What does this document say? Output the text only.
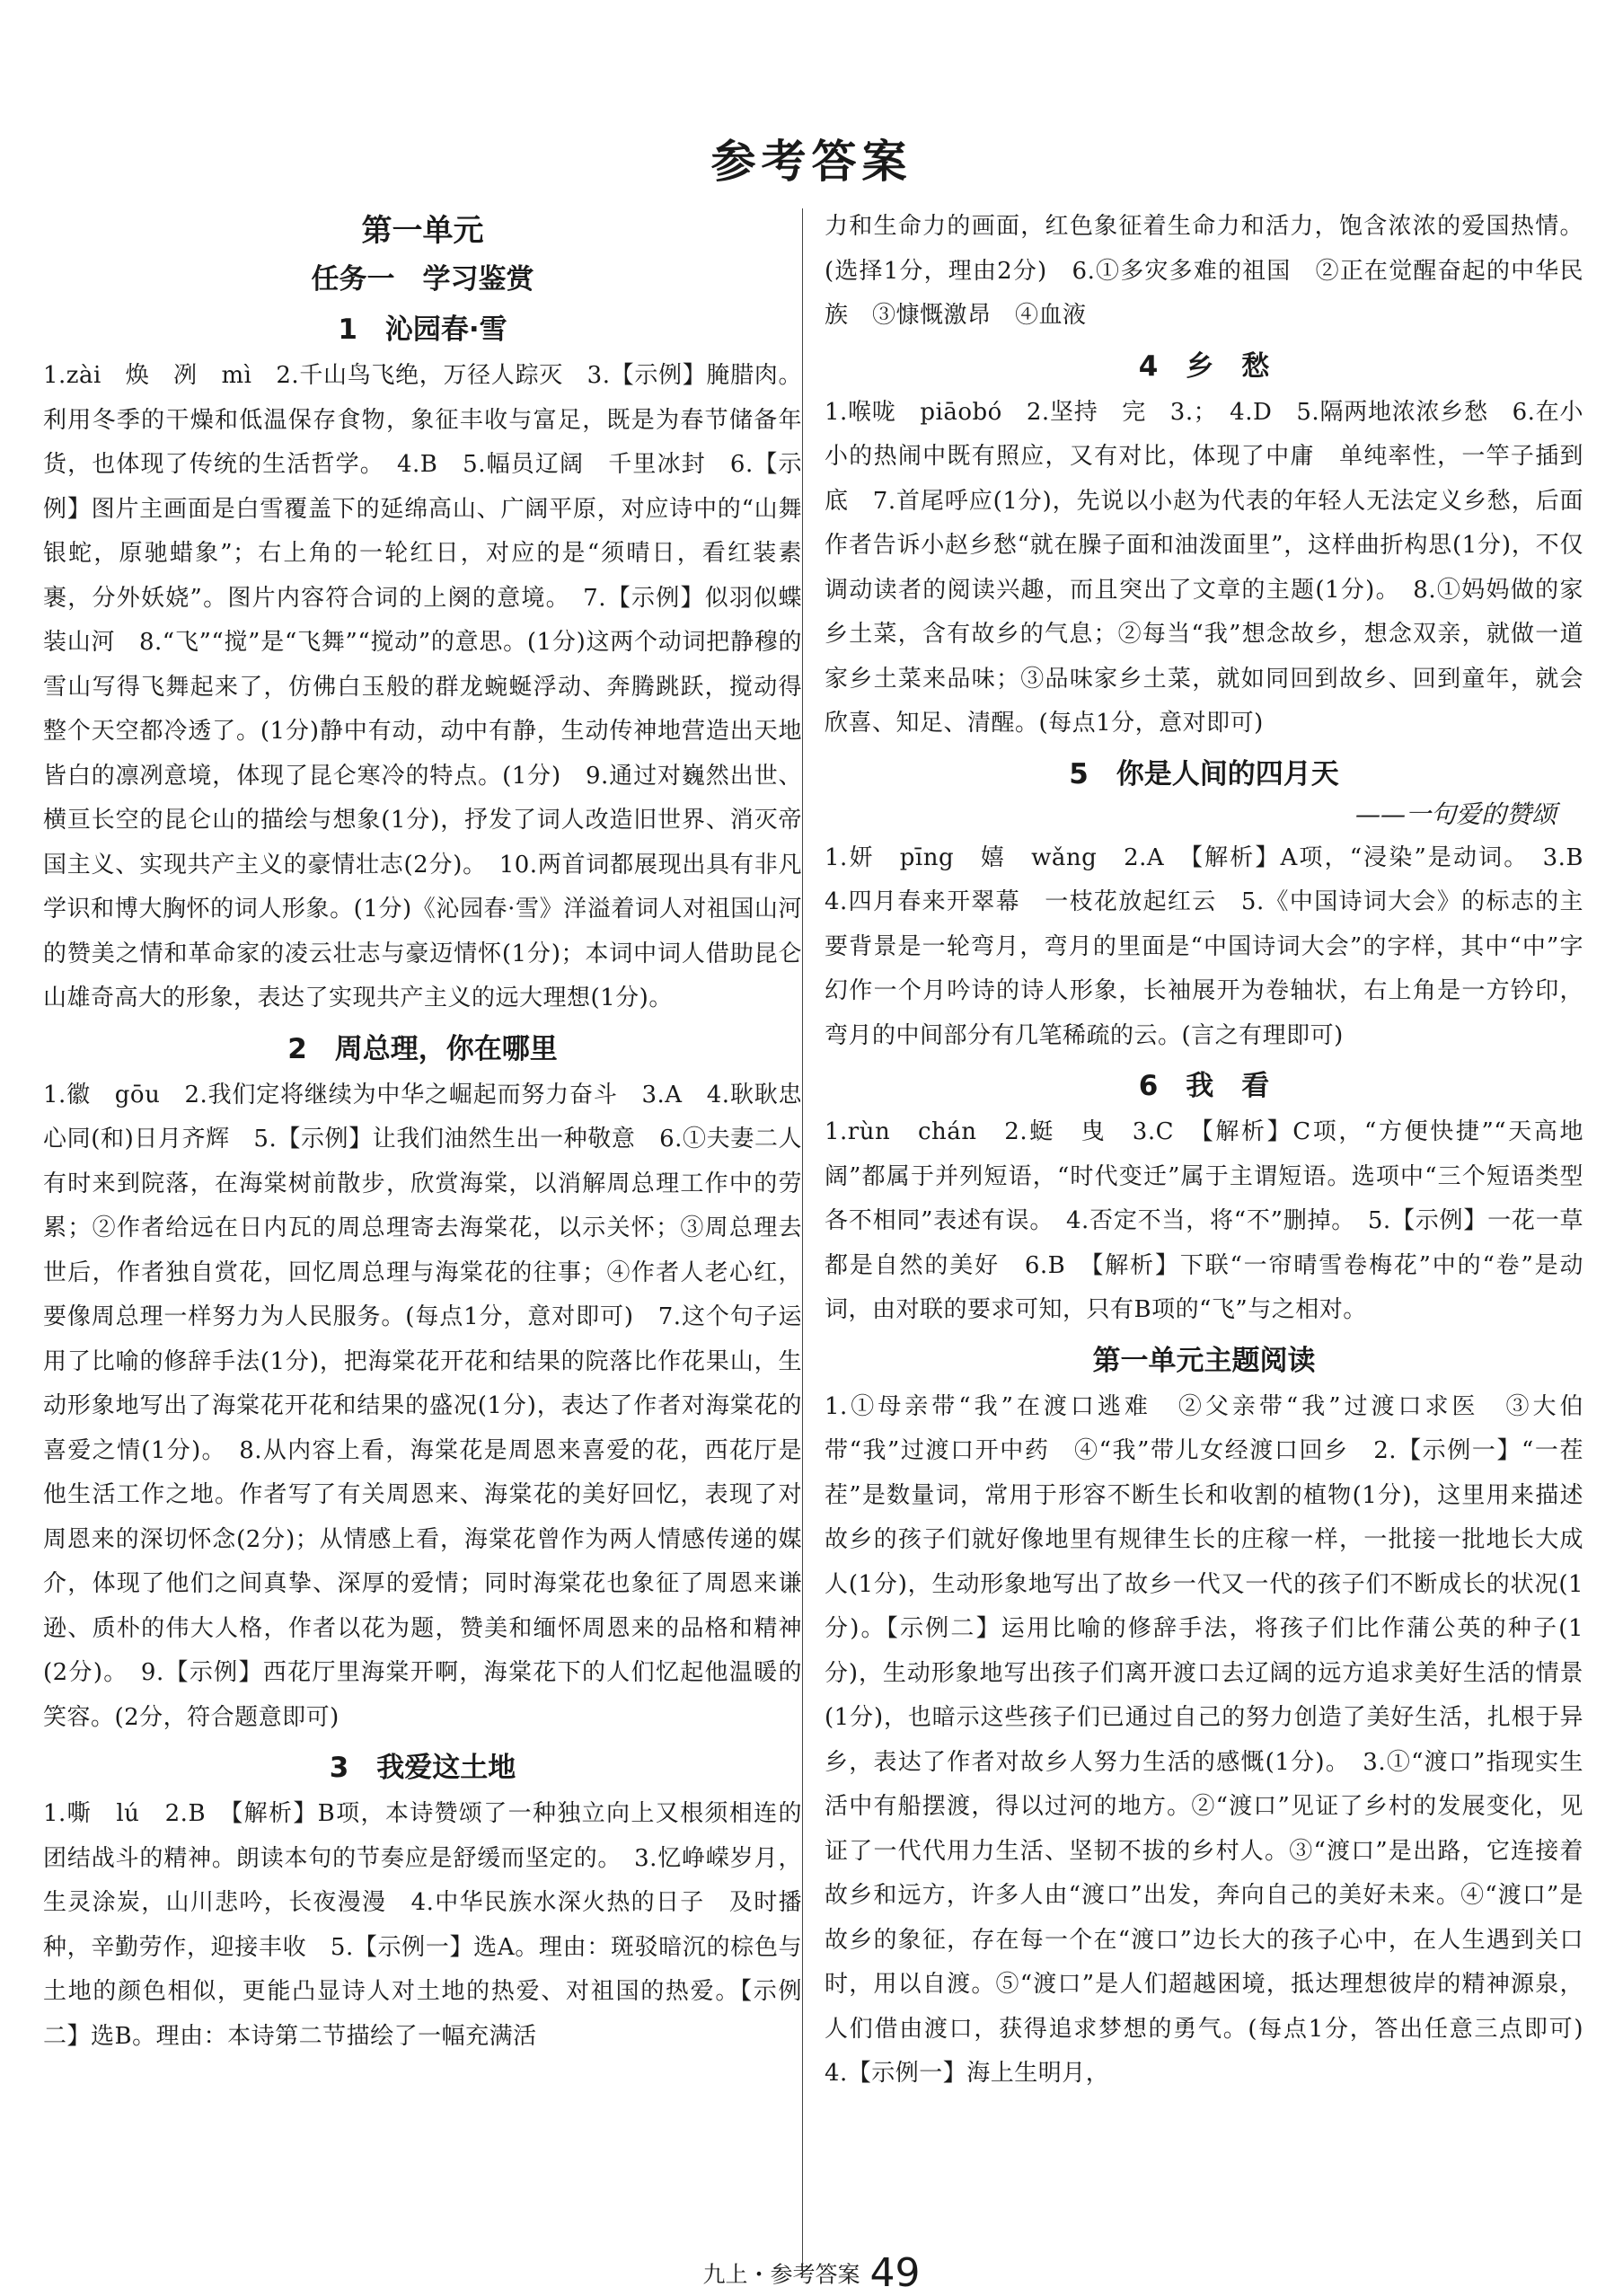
参考答案
第一单元
任务一　学习鉴赏
1　沁园春·雪

1.zài　焕　冽　mì　2.千山鸟飞绝，万径人踪灭　3.【示例】腌腊肉。利用冬季的干燥和低温保存食物，象征丰收与富足，既是为春节储备年货，也体现了传统的生活哲学。　4.B　5.幅员辽阔　千里冰封　6.【示例】图片主画面是白雪覆盖下的延绵高山、广阔平原，对应诗中的“山舞银蛇，原驰蜡象”；右上角的一轮红日，对应的是“须晴日，看红装素裹，分外妖娆”。图片内容符合词的上阕的意境。　7.【示例】似羽似蝶装山河　8.“飞”“搅”是“飞舞”“搅动”的意思。(1分)这两个动词把静穆的雪山写得飞舞起来了，仿佛白玉般的群龙蜿蜒浮动、奔腾跳跃，搅动得整个天空都冷透了。(1分)静中有动，动中有静，生动传神地营造出天地皆白的凛冽意境，体现了昆仑寒冷的特点。(1分)　9.通过对巍然出世、横亘长空的昆仑山的描绘与想象(1分)，抒发了词人改造旧世界、消灭帝国主义、实现共产主义的豪情壮志(2分)。　10.两首词都展现出具有非凡学识和博大胸怀的词人形象。(1分)《沁园春·雪》洋溢着词人对祖国山河的赞美之情和革命家的凌云壮志与豪迈情怀(1分)；本词中词人借助昆仑山雄奇高大的形象，表达了实现共产主义的远大理想(1分)。

2　周总理，你在哪里

1.徽　gōu　2.我们定将继续为中华之崛起而努力奋斗　3.A　4.耿耿忠心同(和)日月齐辉　5.【示例】让我们油然生出一种敬意　6.①夫妻二人有时来到院落，在海棠树前散步，欣赏海棠，以消解周总理工作中的劳累；②作者给远在日内瓦的周总理寄去海棠花，以示关怀；③周总理去世后，作者独自赏花，回忆周总理与海棠花的往事；④作者人老心红，要像周总理一样努力为人民服务。(每点1分，意对即可)　7.这个句子运用了比喻的修辞手法(1分)，把海棠花开花和结果的院落比作花果山，生动形象地写出了海棠花开花和结果的盛况(1分)，表达了作者对海棠花的喜爱之情(1分)。　8.从内容上看，海棠花是周恩来喜爱的花，西花厅是他生活工作之地。作者写了有关周恩来、海棠花的美好回忆，表现了对周恩来的深切怀念(2分)；从情感上看，海棠花曾作为两人情感传递的媒介，体现了他们之间真挚、深厚的爱情；同时海棠花也象征了周恩来谦逊、质朴的伟大人格，作者以花为题，赞美和缅怀周恩来的品格和精神(2分)。　9.【示例】西花厅里海棠开啊，海棠花下的人们忆起他温暖的笑容。(2分，符合题意即可)

3　我爱这土地

1.嘶　lú　2.B　【解析】B项，本诗赞颂了一种独立向上又根须相连的团结战斗的精神。朗读本句的节奏应是舒缓而坚定的。　3.忆峥嵘岁月，生灵涂炭，山川悲吟，长夜漫漫　4.中华民族水深火热的日子　及时播种，辛勤劳作，迎接丰收　5.【示例一】选A。理由：斑驳暗沉的棕色与土地的颜色相似，更能凸显诗人对土地的热爱、对祖国的热爱。【示例二】选B。理由：本诗第二节描绘了一幅充满活

力和生命力的画面，红色象征着生命力和活力，饱含浓浓的爱国热情。(选择1分，理由2分)　6.①多灾多难的祖国　②正在觉醒奋起的中华民族　③慷慨激昂　④血液

4　乡　愁

1.喉咙　piāobó　2.坚持　完　3.；　4.D　5.隔两地浓浓乡愁　6.在小小的热闹中既有照应，又有对比，体现了中庸　单纯率性，一竿子插到底　7.首尾呼应(1分)，先说以小赵为代表的年轻人无法定义乡愁，后面作者告诉小赵乡愁“就在臊子面和油泼面里”，这样曲折构思(1分)，不仅调动读者的阅读兴趣，而且突出了文章的主题(1分)。　8.①妈妈做的家乡土菜，含有故乡的气息；②每当“我”想念故乡，想念双亲，就做一道家乡土菜来品味；③品味家乡土菜，就如同回到故乡、回到童年，就会欣喜、知足、清醒。(每点1分，意对即可)

5　你是人间的四月天
——一句爱的赞颂

1.妍　pīng　嬉　wǎng　2.A　【解析】A项，“浸染”是动词。　3.B　4.四月春来开翠幕　一枝花放起红云　5.《中国诗词大会》的标志的主要背景是一轮弯月，弯月的里面是“中国诗词大会”的字样，其中“中”字幻作一个月吟诗的诗人形象，长袖展开为卷轴状，右上角是一方钤印，弯月的中间部分有几笔稀疏的云。(言之有理即可)

6　我　看

1.rùn　chán　2.蜓　曳　3.C　【解析】C项，“方便快捷”“天高地阔”都属于并列短语，“时代变迁”属于主谓短语。选项中“三个短语类型各不相同”表述有误。　4.否定不当，将“不”删掉。　5.【示例】一花一草都是自然的美好　6.B　【解析】下联“一帘晴雪卷梅花”中的“卷”是动词，由对联的要求可知，只有B项的“飞”与之相对。

第一单元主题阅读

1.①母亲带“我”在渡口逃难　②父亲带“我”过渡口求医　③大伯带“我”过渡口开中药　④“我”带儿女经渡口回乡　2.【示例一】“一茬茬”是数量词，常用于形容不断生长和收割的植物(1分)，这里用来描述故乡的孩子们就好像地里有规律生长的庄稼一样，一批接一批地长大成人(1分)，生动形象地写出了故乡一代又一代的孩子们不断成长的状况(1分)。【示例二】运用比喻的修辞手法，将孩子们比作蒲公英的种子(1分)，生动形象地写出孩子们离开渡口去辽阔的远方追求美好生活的情景(1分)，也暗示这些孩子们已通过自己的努力创造了美好生活，扎根于异乡，表达了作者对故乡人努力生活的感慨(1分)。　3.①“渡口”指现实生活中有船摆渡，得以过河的地方。②“渡口”见证了乡村的发展变化，见证了一代代用力生活、坚韧不拔的乡村人。③“渡口”是出路，它连接着故乡和远方，许多人由“渡口”出发，奔向自己的美好未来。④“渡口”是故乡的象征，存在每一个在“渡口”边长大的孩子心中，在人生遇到关口时，用以自渡。⑤“渡口”是人们超越困境，抵达理想彼岸的精神源泉，人们借由渡口，获得追求梦想的勇气。(每点1分，答出任意三点即可)　4.【示例一】海上生明月，

九上・参考答案 49
